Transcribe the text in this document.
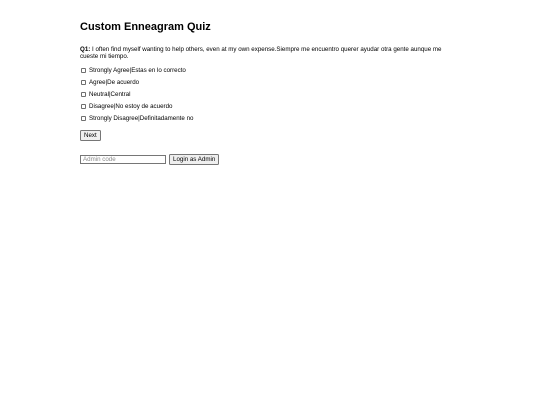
Custom Enneagram Quiz
Q1: I often find myself wanting to help others, even at my own expense.Siempre me encuentro querer ayudar otra gente aunque me cueste mi tiempo.
Strongly Agree|Estas en lo correcto
Agree|De acuerdo
Neutral|Central
Disagree|No estoy de acuerdo
Strongly Disagree|Definitadamente no
Next
Admin code
Login as Admin
